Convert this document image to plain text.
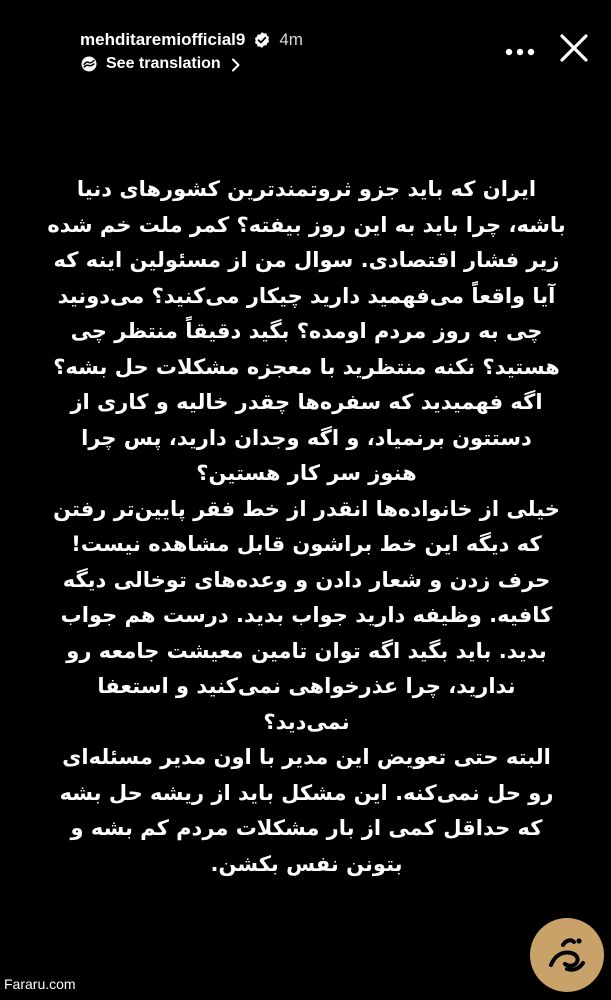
mehditaremiofficial9 4m
See translation

ایران که باید جزو ثروتمندترین کشورهای دنیا

باشه، چرا باید به این روز بیفته؟ کمر ملت خم شده

زیر فشار اقتصادی. سوال من از مسئولین اینه که

آیا واقعاً می‌فهمید دارید چیکار می‌کنید؟ می‌دونید

چی به روز مردم اومده؟ بگید دقیقاً منتظر چی

هستید؟ نکنه منتظرید با معجزه مشکلات حل بشه؟

اگه فهمیدید که سفره‌ها چقدر خالیه و کاری از

دستتون برنمیاد، و اگه وجدان دارید، پس چرا

هنوز سر کار هستین؟

خیلی از خانواده‌ها انقدر از خط فقر پایین‌تر رفتن

که دیگه این خط براشون قابل مشاهده نیست!

حرف زدن و شعار دادن و وعده‌های توخالی دیگه

کافیه. وظیفه دارید جواب بدید. درست هم جواب

بدید. باید بگید اگه توان تامین معیشت جامعه رو

ندارید، چرا عذرخواهی نمی‌کنید و استعفا

نمی‌دید؟

البته حتی تعویض این مدیر با اون مدیر مسئله‌ای

رو حل نمی‌کنه. این مشکل باید از ریشه حل بشه

که حداقل کمی از بار مشکلات مردم کم بشه و

بتونن نفس بکشن.

Fararu.com
